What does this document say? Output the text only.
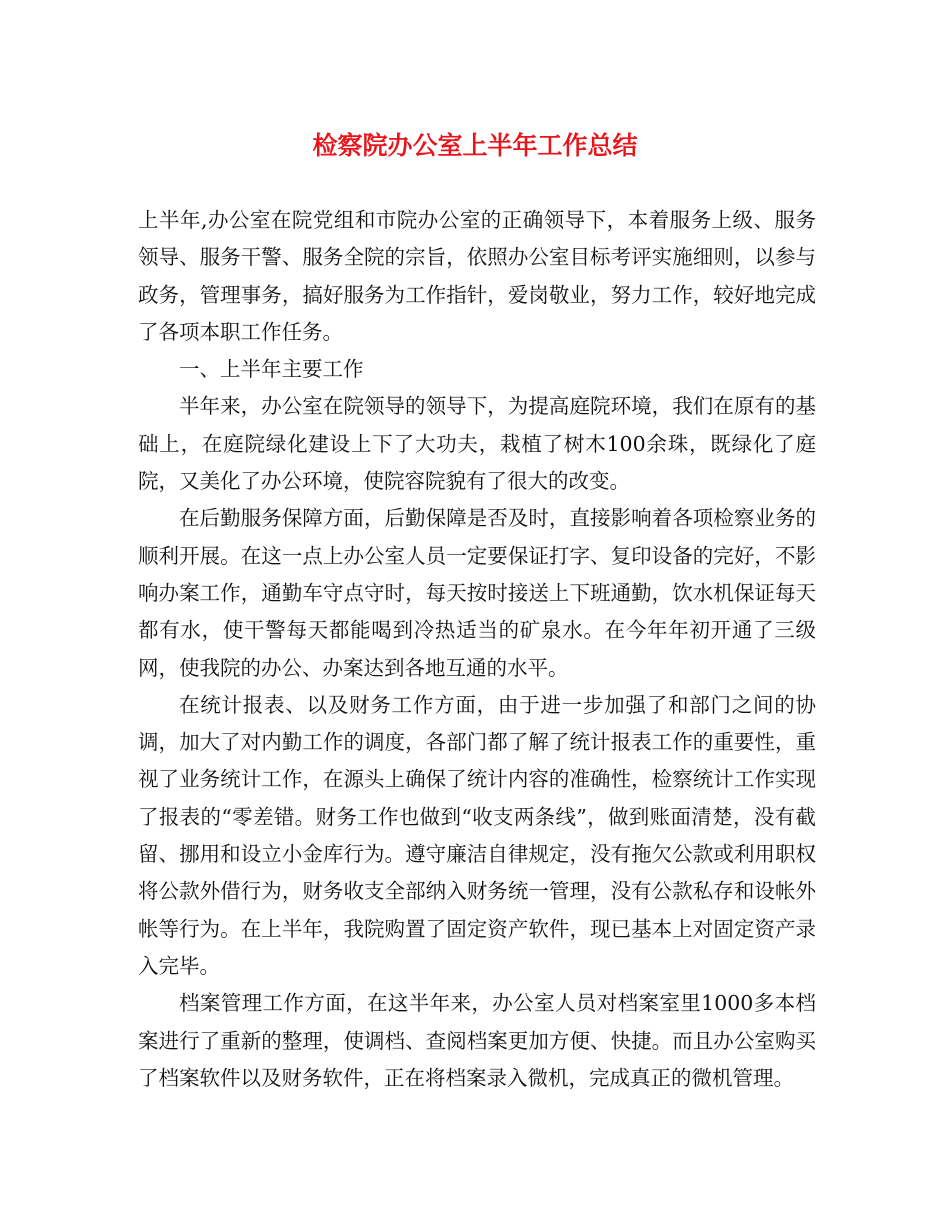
检察院办公室上半年工作总结

上半年,办公室在院党组和市院办公室的正确领导下，本着服务上级、服务领导、服务干警、服务全院的宗旨，依照办公室目标考评实施细则，以参与政务，管理事务，搞好服务为工作指针，爱岗敬业，努力工作，较好地完成了各项本职工作任务。

一、上半年主要工作

半年来，办公室在院领导的领导下，为提高庭院环境，我们在原有的基础上，在庭院绿化建设上下了大功夫，栽植了树木100余珠，既绿化了庭院，又美化了办公环境，使院容院貌有了很大的改变。

在后勤服务保障方面，后勤保障是否及时，直接影响着各项检察业务的顺利开展。在这一点上办公室人员一定要保证打字、复印设备的完好，不影响办案工作，通勤车守点守时，每天按时接送上下班通勤，饮水机保证每天都有水，使干警每天都能喝到冷热适当的矿泉水。在今年年初开通了三级网，使我院的办公、办案达到各地互通的水平。

在统计报表、以及财务工作方面，由于进一步加强了和部门之间的协调，加大了对内勤工作的调度，各部门都了解了统计报表工作的重要性，重视了业务统计工作，在源头上确保了统计内容的准确性，检察统计工作实现了报表的“零差错。财务工作也做到“收支两条线”，做到账面清楚，没有截留、挪用和设立小金库行为。遵守廉洁自律规定，没有拖欠公款或利用职权将公款外借行为，财务收支全部纳入财务统一管理，没有公款私存和设帐外帐等行为。在上半年，我院购置了固定资产软件，现已基本上对固定资产录入完毕。

档案管理工作方面，在这半年来，办公室人员对档案室里1000多本档案进行了重新的整理，使调档、查阅档案更加方便、快捷。而且办公室购买了档案软件以及财务软件，正在将档案录入微机，完成真正的微机管理。
